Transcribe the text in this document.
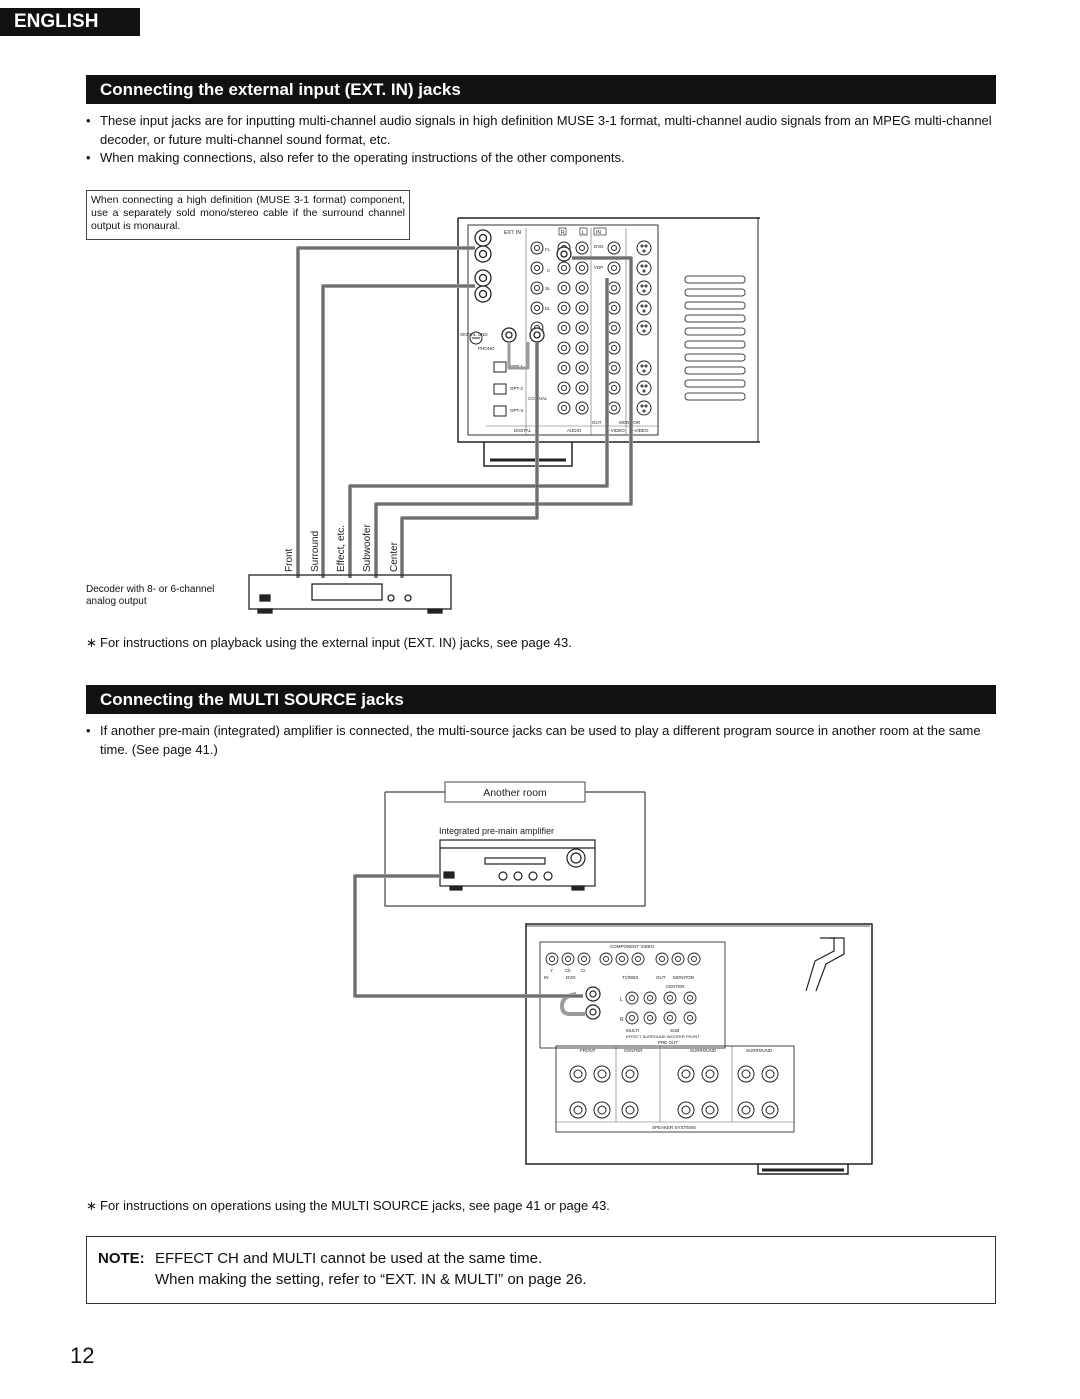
ENGLISH
Connecting the external input (EXT. IN) jacks
• These input jacks are for inputting multi-channel audio signals in high definition MUSE 3-1 format, multi-channel audio signals from an MPEG multi-channel decoder, or future multi-channel sound format, etc.
• When making connections, also refer to the operating instructions of the other components.
When connecting a high definition (MUSE 3-1 format) component, use a separately sold mono/stereo cable if the surround channel output is monaural.
EXT. IN	R	L IN
FL
C
SL
EL
DVD
VDP
SIGNAL GND
PHONO
OPT-1
OPT-2
COAXIAL
OPT-3
DIGITAL	AUDIO	C-VIDEO S-VIDEO
MONITOR
OUT
Front Surround Effect, etc. Subwoofer Center
Decoder with 8- or 6-channel analog output
∗ For instructions on playback using the external input (EXT. IN) jacks, see page 43.
Connecting the MULTI SOURCE jacks
• If another pre-main (integrated) amplifier is connected, the multi-source jacks can be used to play a different program source in another room at the same time. (See page 41.)
Another room
Integrated pre-main amplifier
COMPONENT VIDEO
Y	Cb Cr
IN	DVD	TV/DBS	OUT MONITOR
CENTER
L
R
MULTI	SUB
EFFECT SURROUND WOOFER FRONT
PRE OUT
FRONT	CENTER	SURROUND	SURROUND
SPEAKER SYSTEMS
∗ For instructions on operations using the MULTI SOURCE jacks, see page 41 or page 43.
NOTE: EFFECT CH and MULTI cannot be used at the same time.
When making the setting, refer to “EXT. IN & MULTI” on page 26.
12
